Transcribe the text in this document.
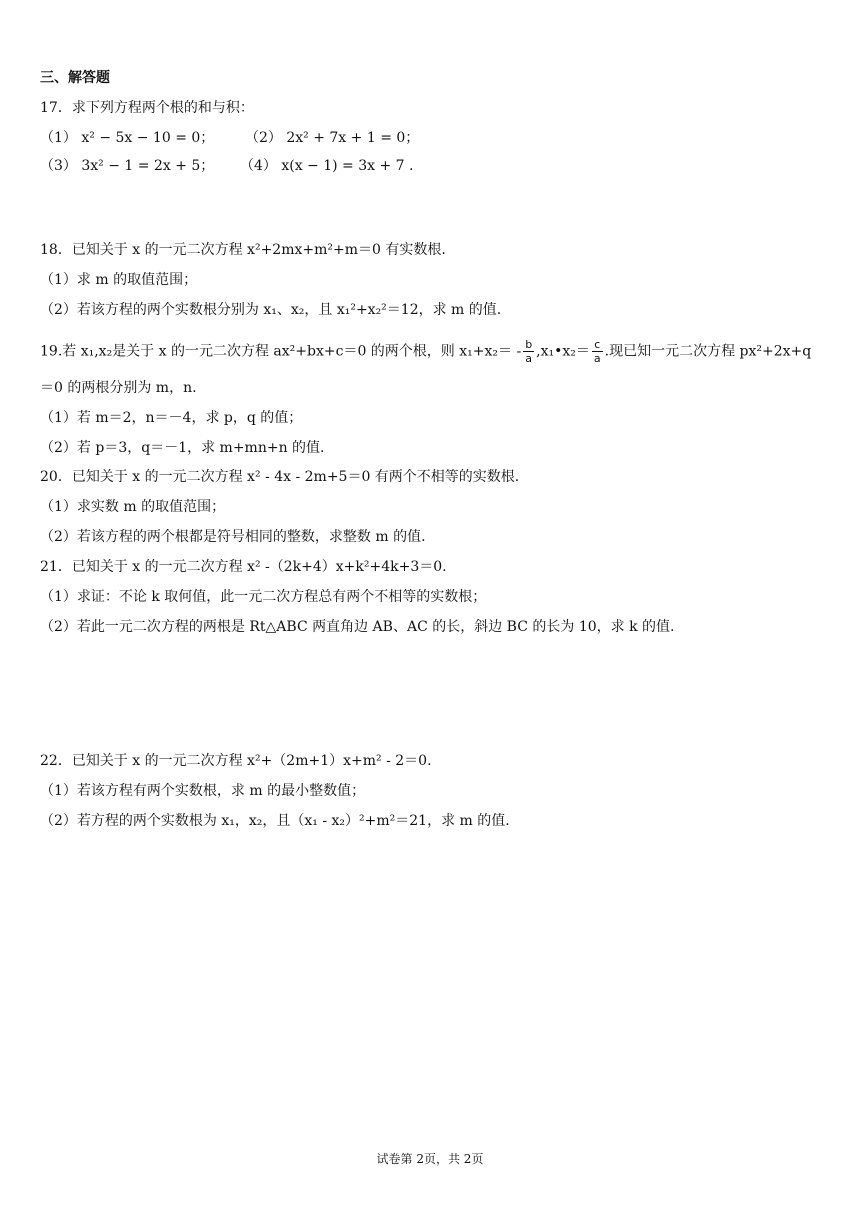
三、解答题
17．求下列方程两个根的和与积：
（1） x² − 5x − 10 = 0； （2） 2x² + 7x + 1 = 0；
（3） 3x² − 1 = 2x + 5； （4） x(x − 1) = 3x + 7 .
18．已知关于 x 的一元二次方程 x²+2mx+m²+m＝0 有实数根.
（1）求 m 的取值范围；
（2）若该方程的两个实数根分别为 x₁、x₂，且 x₁²+x₂²＝12，求 m 的值.
19.若 x₁,x₂是关于 x 的一元二次方程 ax²+bx+c＝0 的两个根，则 $x_1+x_2= - \frac{b}{a}$ ,x₁•x₂＝ $\frac{c}{a}$ .现已知一元二次方程 px²+2x+q
＝0 的两根分别为 m，n.
（1）若 m＝2，n＝－4，求 p，q 的值；
（2）若 p＝3，q＝－1，求 m+mn+n 的值.
20．已知关于 x 的一元二次方程 x² - 4x - 2m+5＝0 有两个不相等的实数根.
（1）求实数 m 的取值范围；
（2）若该方程的两个根都是符号相同的整数，求整数 m 的值.
21．已知关于 x 的一元二次方程 x² -（2k+4）x+k²+4k+3＝0.
（1）求证：不论 k 取何值，此一元二次方程总有两个不相等的实数根；
（2）若此一元二次方程的两根是 Rt△ABC 两直角边 AB、AC 的长，斜边 BC 的长为 10，求 k 的值.
22．已知关于 x 的一元二次方程 x²+（2m+1）x+m² - 2＝0.
（1）若该方程有两个实数根，求 m 的最小整数值；
（2）若方程的两个实数根为 x₁，x₂，且（x₁ - x₂）²+m²＝21，求 m 的值.
试卷第 2页，共 2页
